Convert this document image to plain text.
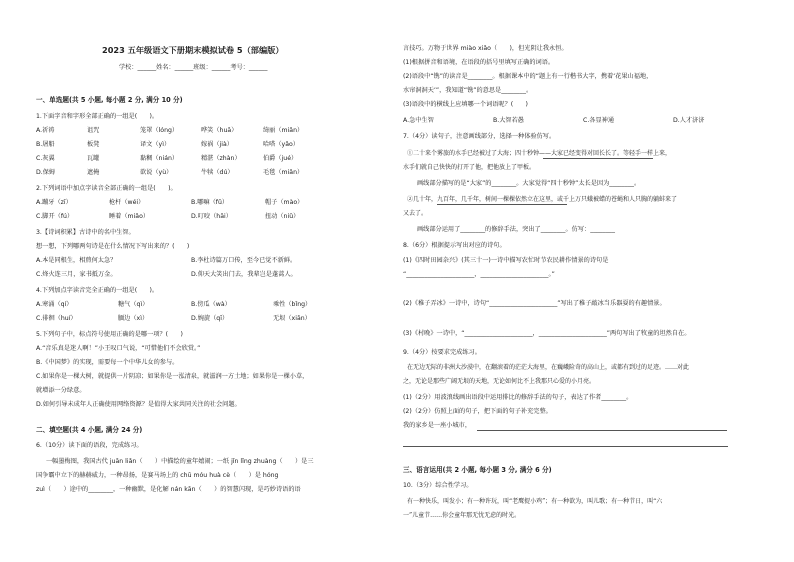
2023 五年级语文下册期末模拟试卷 5（部编版）
学校：______姓名：______班级：______考号：______
一、单选题(共 5 小题, 每小题 2 分, 满分 10 分)
1.下面字音和字形全部正确的一组是(　　)。
A.祈祷	诅咒	笼罩（lóng）	哗笑（huā）	绮丽（miǎn）
B.屠船	板凳	译文（yì）	嫁祸（jià）	哈嗒（yǎo）
C.灰翼	瓦罐	黏稠（nián）	精湛（zhàn）	伯爵（jué）
D.保姆	遮掩	欲说（yù）	牛犊（dú）	毛毯（miǎn）
2.下列词语中加点字读音全部正确的一组是(　　)。
A.蹦牙（zī）	枪杆（wéi）	B.哪嘛（fǔ）	帽子（mào）
C.脚开（fú）	睡着（miǎo）	D.叮咬（hāi）	扭动（niǔ）
3.【诗词积累】古诗中的名中生智。
想一想，下列哪两句诗是在什么情况下写出来的？(　　)
A.本是同根生，相煎何太急？	B.李杜诗篇万口传，至今已觉不新鲜。
C.烽火连三月，家书抵万金。	D.仰天大笑出门去，我辈岂是蓬蒿人。
4.下列加点字读音完全正确的一组是(　　)。
A.寒涌（qí）	糖气（qì）	B.傍瓜（wà）	乘性（bǐng）
C.徘徊（huí）	腼边（xì）	D.婉旋（qī）	无垠（xiān）
5.下列句子中，标点符号使用正确的是哪一项？(　　)
A.“音乐真是迷人啊！”小王叹口气说，“可惜他们不会欣赏。”
B.《中国梦》的实现，需要每一个中华儿女的参与。
C.如果你是一棵大树，就提供一片阴凉；如果你是一泓清泉，就滋润一方土地；如果你是一棵小草，
就增添一分绿意。
D.如何引导未成年人正确使用网络资源？是值得大家共同关注的社会问题。
二、填空题(共 4 小题, 满分 24 分)
6.（10分）读下面的语段，完成练习。
一幅墨梅图，我国古代 juān liǎn（　　）中描绘的童年嬉闹；一纸 jǐn lǐng zhuàng（　　）是三
国争霸中立下的赫赫威力，一种昂扬，是赛马场上的 chū móu huà cè（　　）是 hóng
zuì（　　）途中的________，一种幽默，是化解 nán kān（　　）的智慧闪现，是巧妙诗语的语
言技巧。万物于世界 miào xiǎo（　　)，但光阴让我永恒。
(1)根据拼音和语境，在语段的括号里填写正确的词语。
(2)语段中“镌”的读音是________。根据课本中的“题上有一行楷书大字，携着‘花果山福地，
水帘洞洞天’”，我知道“镌”的意思是________。
(3)语段中的横线上应填哪一个词语呢？(　　)
A.急中生智	B.大智若愚	C.各显神通	D.人才济济
7.（4分）读句子，注意画线部分，选择一种体验仿写。
①二十来个雾旅的水手已经被过了大海；四十秒钟——大家已经变得对回长长了。等轻手一样上来，
水手们就自己快快的打开了他，把他放上了甲板。
画线部分描写的是“大家”的________。大家觉得“四十秒钟”太长是因为________。
②几十年，九百年，几千年，树间一棵棵依然立在这里，或千上万只蛾被蜡的苍蝇和人只胸的躺蚌来了
又去了。
画线部分运用了________的修辞手法，突出了________。仿写：________
8.（6分）根据提示写出对应的诗句。
(1)《四时田园杂兴》(其三十一)一诗中描写农忙时节农民耕作情景的诗句是
“______________________，______________________。”
(2)《稚子弄冰》一诗中，诗句“______________________”写出了稚子敲冰当乐器耍的有趣情景。
(3)《村晚》一诗中，“______________________，______________________”两句写出了牧童的坦然自在。
9.（4分）按要求完成练习。
在无边无际的非洲大沙漠中，在翻滚着的茫茫大海里，在巍峨险奇的高山上，或都有到过的足迹。……对此
之，无论是那些广阔无垠的天地，无论如何比不上我那只心爱的小月亮。
(1)（2分）用波浪线画出语段中运用排比的修辞手法的句子，表达了作者________。
(2)（2分）仿照上面的句子，把下面的句子补充完整。
我的家乡是一座小城市，
三、语言运用(共 2 小题, 每小题 3 分, 满分 6 分)
10.（3分）综合性学习。
有一种快乐，叫发小；有一种许玩，叫“老鹰捉小鸡”；有一种欲为，叫儿歌；有一种节日，叫“六
一”儿童节……你会童年那无忧无虑的时光。
